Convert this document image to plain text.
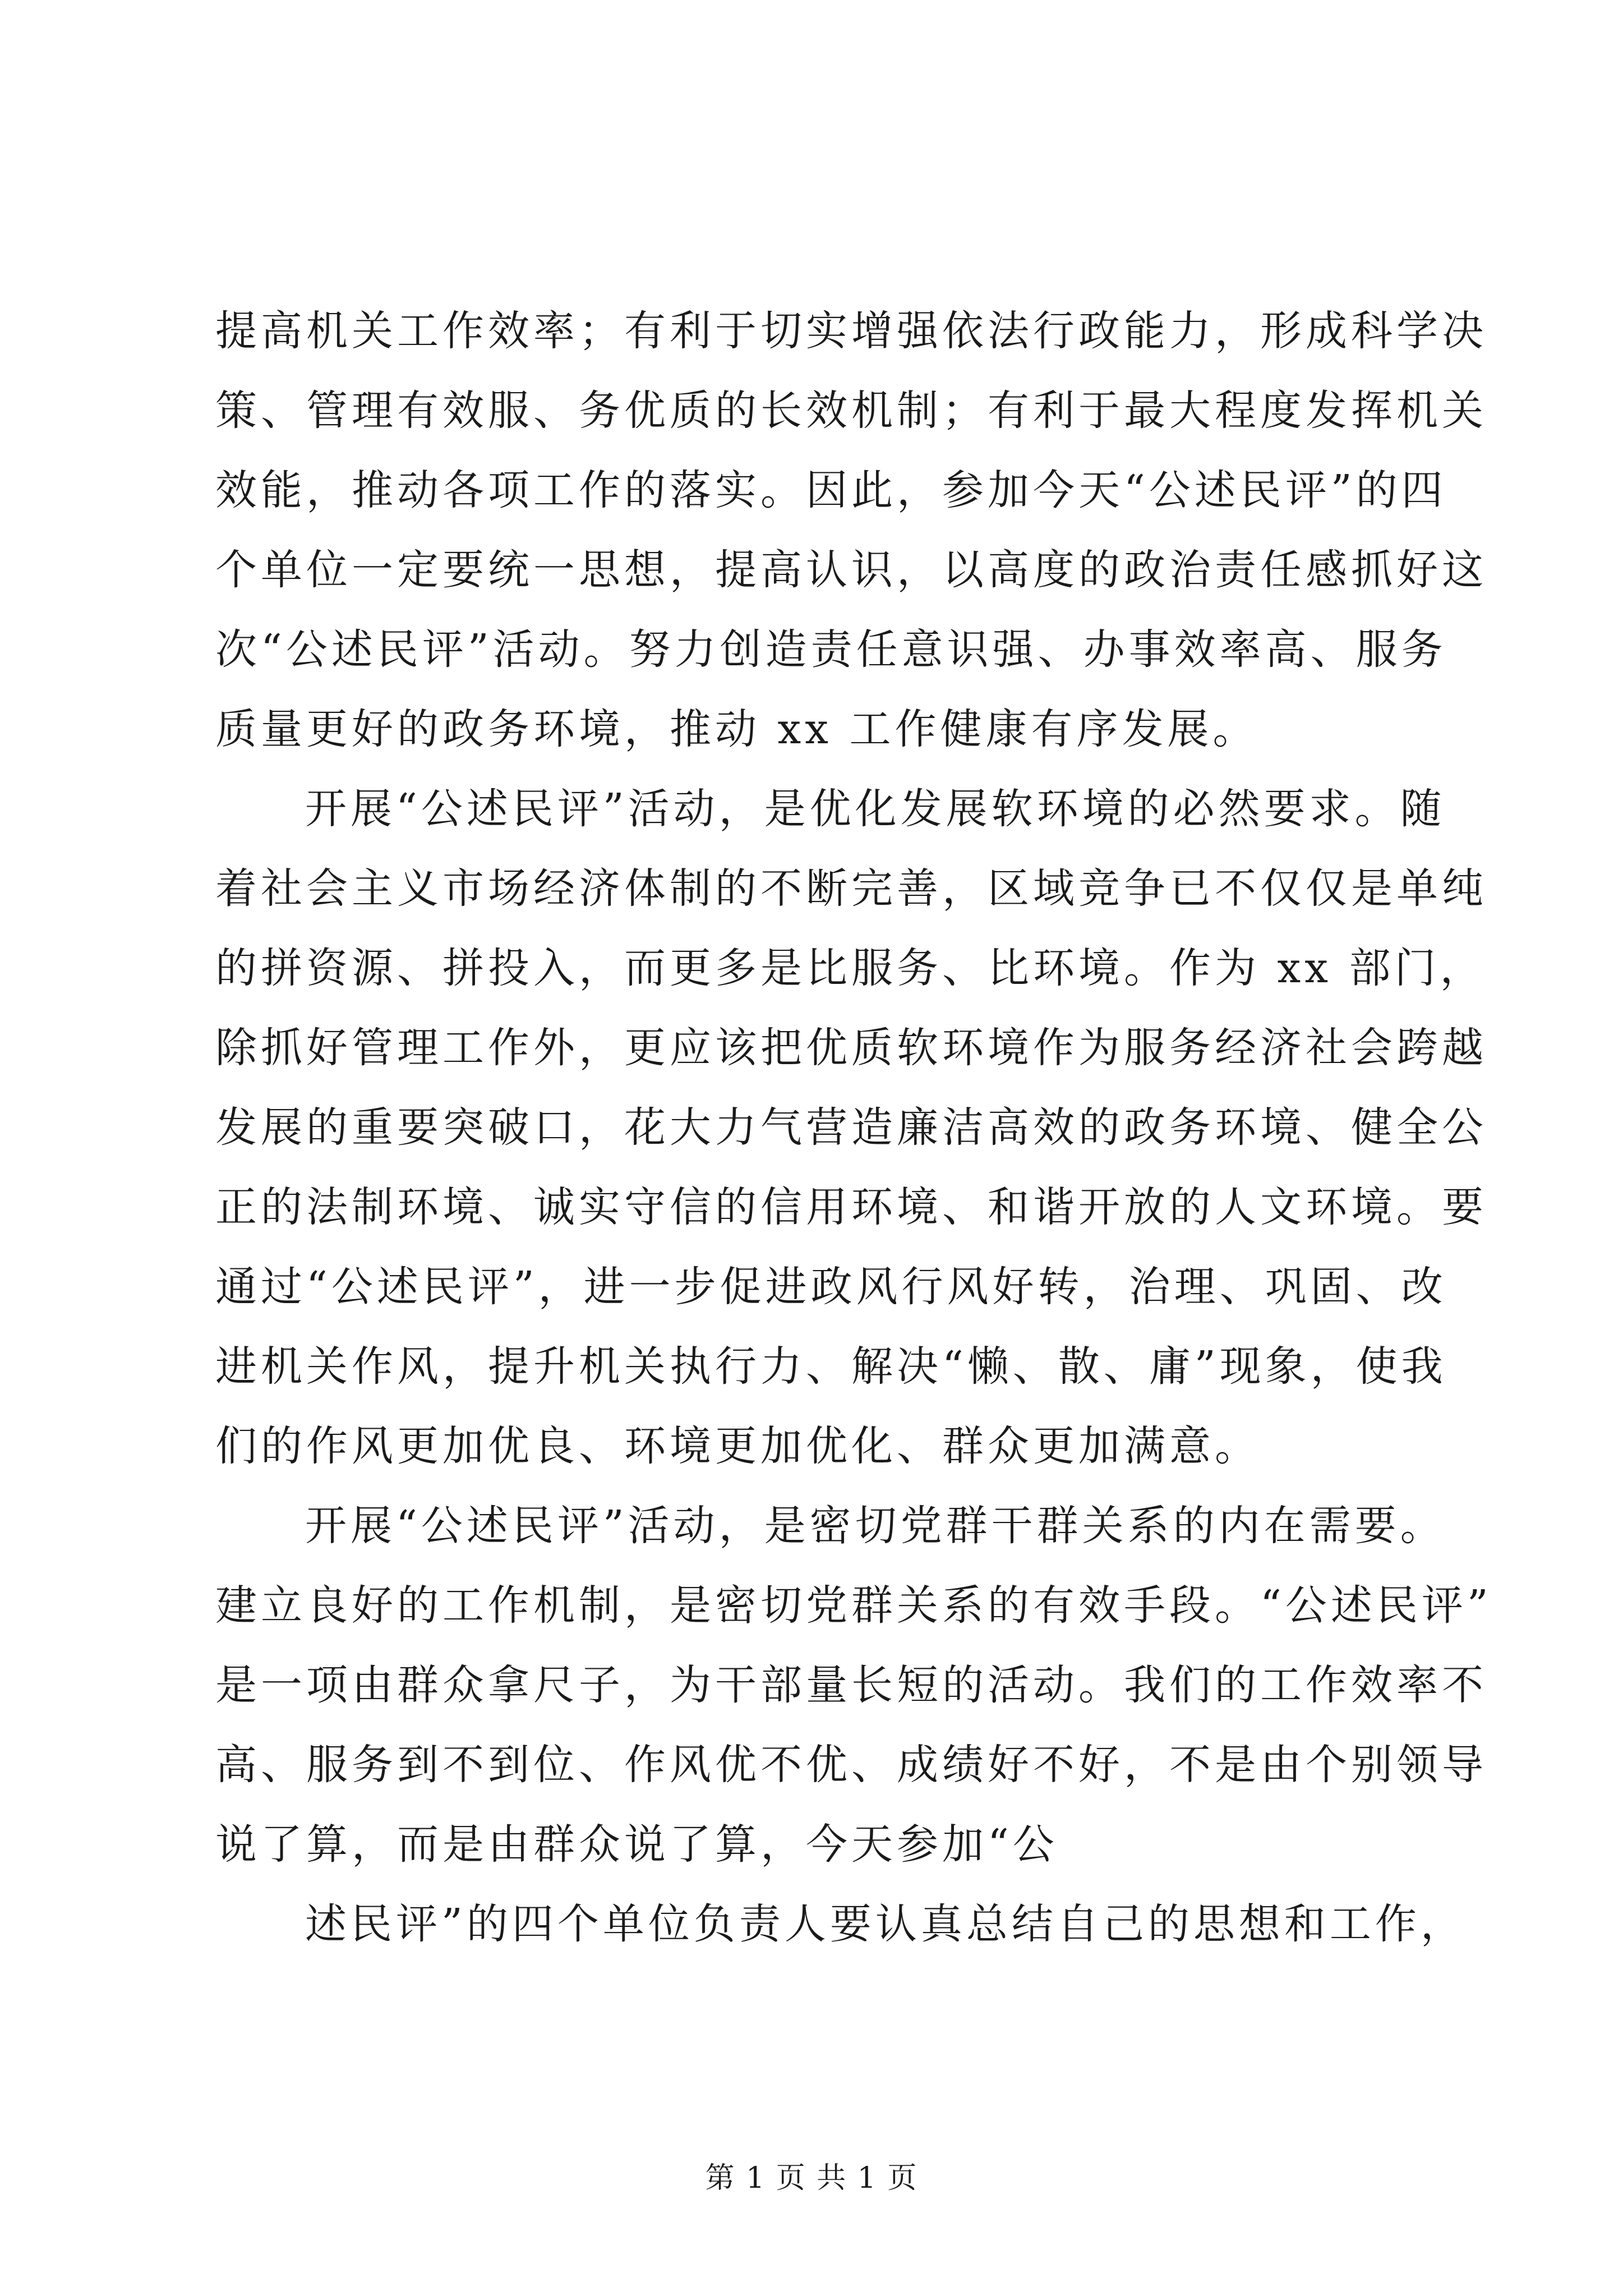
提高机关工作效率；有利于切实增强依法行政能力，形成科学决
策、管理有效服、务优质的长效机制；有利于最大程度发挥机关
效能，推动各项工作的落实。因此，参加今天“公述民评”的四
个单位一定要统一思想，提高认识，以高度的政治责任感抓好这
次“公述民评”活动。努力创造责任意识强、办事效率高、服务
质量更好的政务环境，推动 xx 工作健康有序发展。
开展“公述民评”活动，是优化发展软环境的必然要求。随
着社会主义市场经济体制的不断完善，区域竞争已不仅仅是单纯
的拼资源、拼投入，而更多是比服务、比环境。作为 xx 部门，
除抓好管理工作外，更应该把优质软环境作为服务经济社会跨越
发展的重要突破口，花大力气营造廉洁高效的政务环境、健全公
正的法制环境、诚实守信的信用环境、和谐开放的人文环境。要
通过“公述民评”，进一步促进政风行风好转，治理、巩固、改
进机关作风，提升机关执行力、解决“懒、散、庸”现象，使我
们的作风更加优良、环境更加优化、群众更加满意。
开展“公述民评”活动，是密切党群干群关系的内在需要。
建立良好的工作机制，是密切党群关系的有效手段。“公述民评”
是一项由群众拿尺子，为干部量长短的活动。我们的工作效率不
高、服务到不到位、作风优不优、成绩好不好，不是由个别领导
说了算，而是由群众说了算，今天参加“公
述民评”的四个单位负责人要认真总结自己的思想和工作，
第 1 页 共 1 页
